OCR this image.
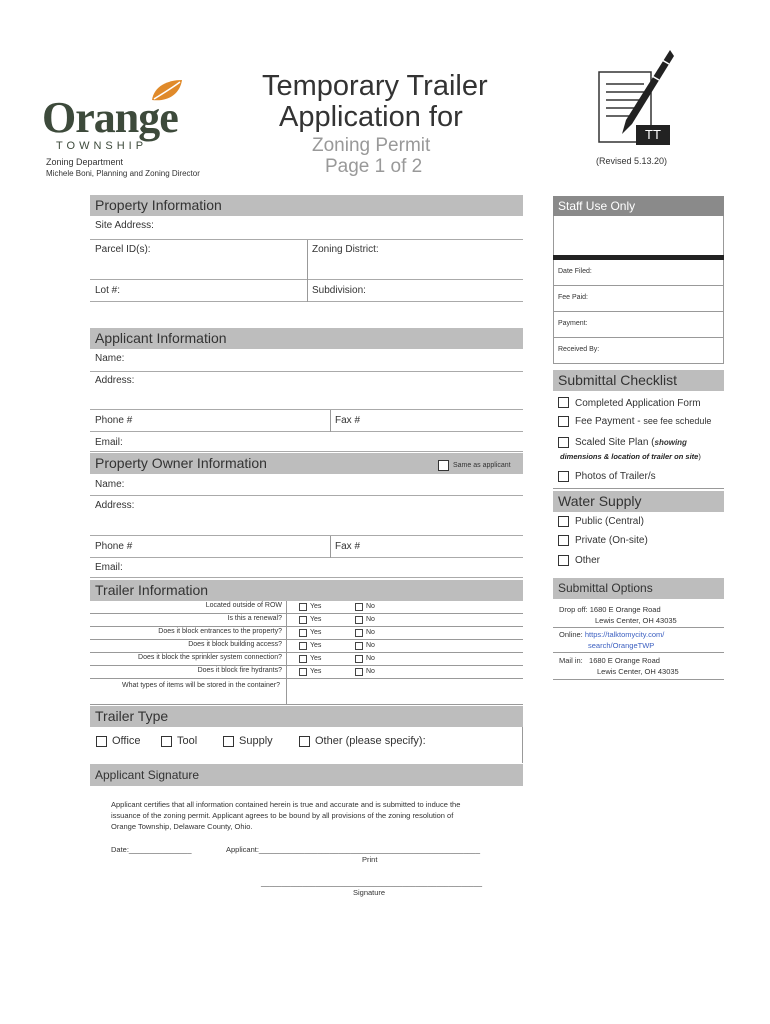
Orange
TOWNSHIP
Zoning Department
Michele Boni, Planning and Zoning Director
Temporary Trailer
Application for
Zoning Permit
Page 1 of 2
TT
(Revised 5.13.20)
Property Information
Site Address:
Parcel ID(s):	Zoning District:
Lot #:	Subdivision:
Applicant Information
Name:
Address:
Phone #	Fax #
Email:
Property Owner Information	Same as applicant
Name:
Address:
Phone #	Fax #
Email:
Trailer Information
Located outside of ROW	Yes	No
Is this a renewal?	Yes	No
Does it block entrances to the property?	Yes	No
Does it block building access?	Yes	No
Does it block the sprinkler system connection?	Yes	No
Does it block fire hydrants?	Yes	No
What types of items will be stored in the container?
Trailer Type
Office	Tool	Supply	Other (please specify):
Applicant Signature
Applicant certifies that all information contained herein is true and accurate and is submitted to induce the
issuance of the zoning permit. Applicant agrees to be bound by all provisions of the zoning resolution of
Orange Township, Delaware County, Ohio.
Date:_______________	Applicant:_____________________________________________________
Print
_____________________________________________________
Signature
Staff Use Only
Date Filed:
Fee Paid:
Payment:
Received By:
Submittal Checklist
Completed Application Form
Fee Payment - see fee schedule
Scaled Site Plan (showing
dimensions & location of trailer on site)
Photos of Trailer/s
Water Supply
Public (Central)
Private (On-site)
Other
Submittal Options
Drop off: 1680 E Orange Road
Lewis Center, OH 43035
Online: https://talktomycity.com/
search/OrangeTWP
Mail in: 1680 E Orange Road
Lewis Center, OH 43035
